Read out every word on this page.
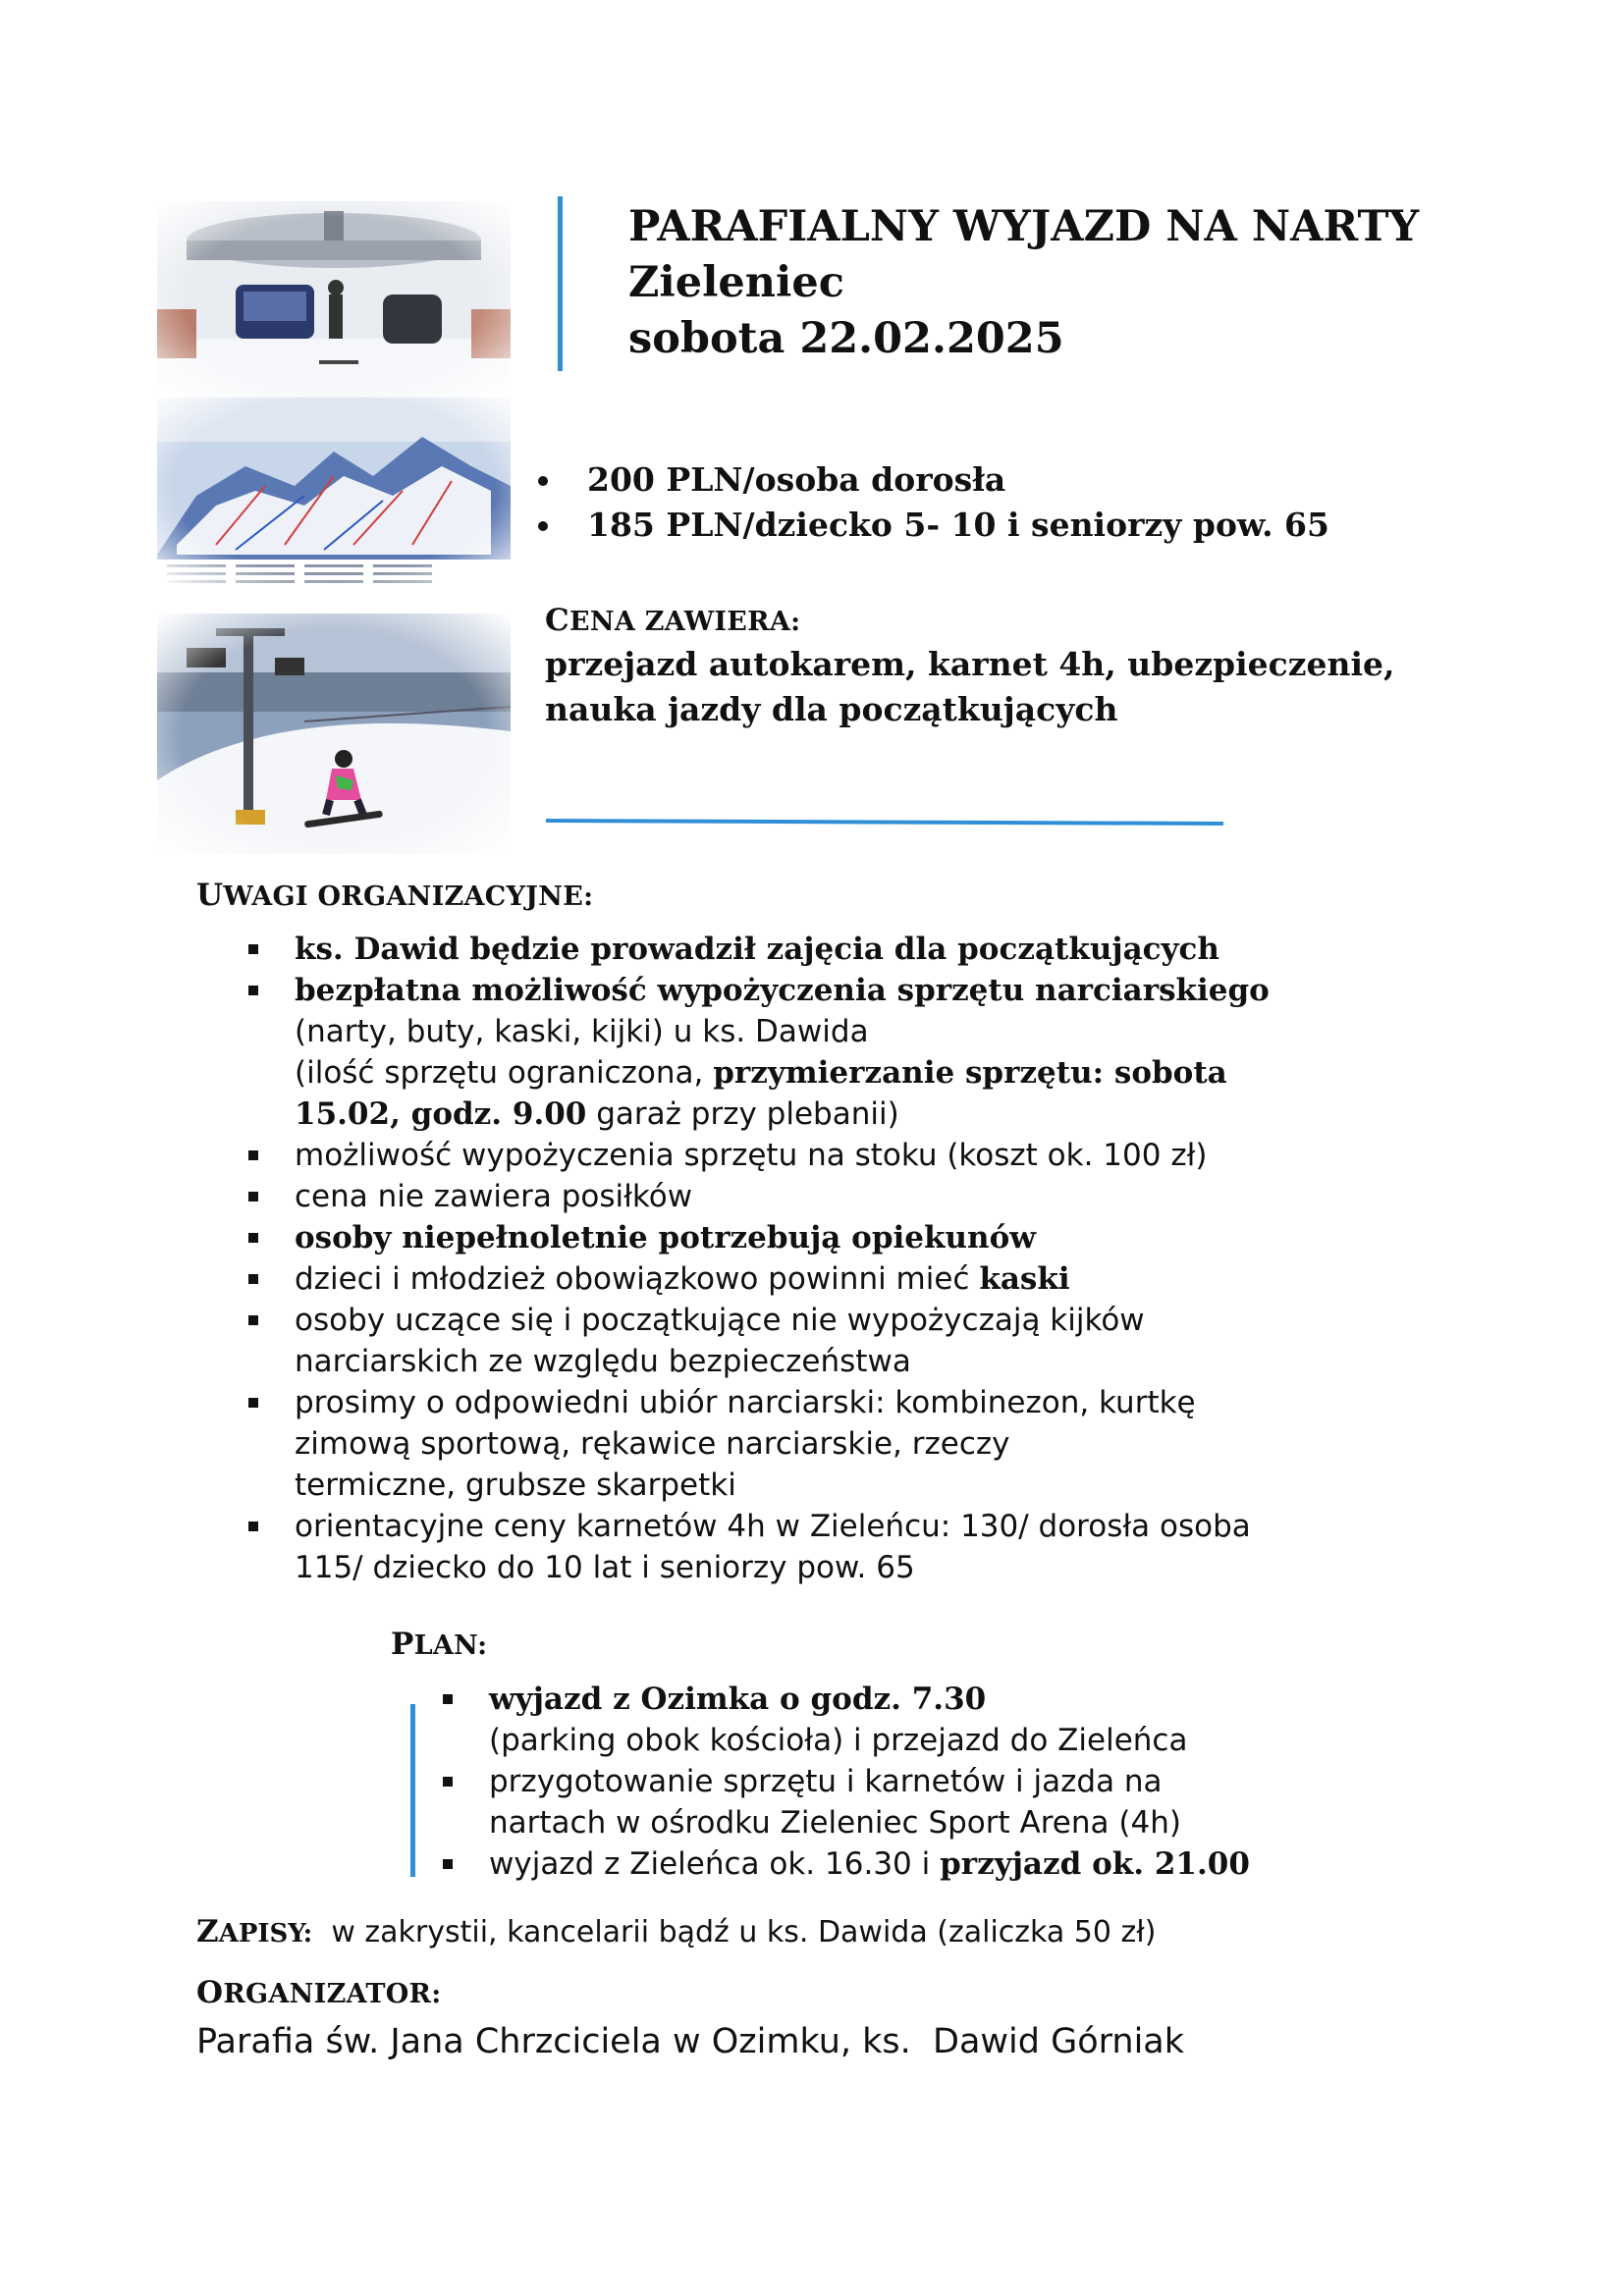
PARAFIALNY WYJAZD NA NARTY
Zieleniec
sobota 22.02.2025
200 PLN/osoba dorosła
185 PLN/dziecko 5- 10 i seniorzy pow. 65
CENA ZAWIERA:
przejazd autokarem, karnet 4h, ubezpieczenie,
nauka jazdy dla początkujących
UWAGI ORGANIZACYJNE:
ks. Dawid będzie prowadził zajęcia dla początkujących
bezpłatna możliwość wypożyczenia sprzętu narciarskiego
(narty, buty, kaski, kijki) u ks. Dawida
(ilość sprzętu ograniczona, przymierzanie sprzętu: sobota
15.02, godz. 9.00 garaż przy plebanii)
możliwość wypożyczenia sprzętu na stoku (koszt ok. 100 zł)
cena nie zawiera posiłków
osoby niepełnoletnie potrzebują opiekunów
dzieci i młodzież obowiązkowo powinni mieć kaski
osoby uczące się i początkujące nie wypożyczają kijków
narciarskich ze względu bezpieczeństwa
prosimy o odpowiedni ubiór narciarski: kombinezon, kurtkę
zimową sportową, rękawice narciarskie, rzeczy
termiczne, grubsze skarpetki
orientacyjne ceny karnetów 4h w Zieleńcu: 130/ dorosła osoba
115/ dziecko do 10 lat i seniorzy pow. 65
PLAN:
wyjazd z Ozimka o godz. 7.30
(parking obok kościoła) i przejazd do Zieleńca
przygotowanie sprzętu i karnetów i jazda na
nartach w ośrodku Zieleniec Sport Arena (4h)
wyjazd z Zieleńca ok. 16.30 i przyjazd ok. 21.00
ZAPISY:  w zakrystii, kancelarii bądź u ks. Dawida (zaliczka 50 zł)
ORGANIZATOR:
Parafia św. Jana Chrzciciela w Ozimku, ks.  Dawid Górniak
